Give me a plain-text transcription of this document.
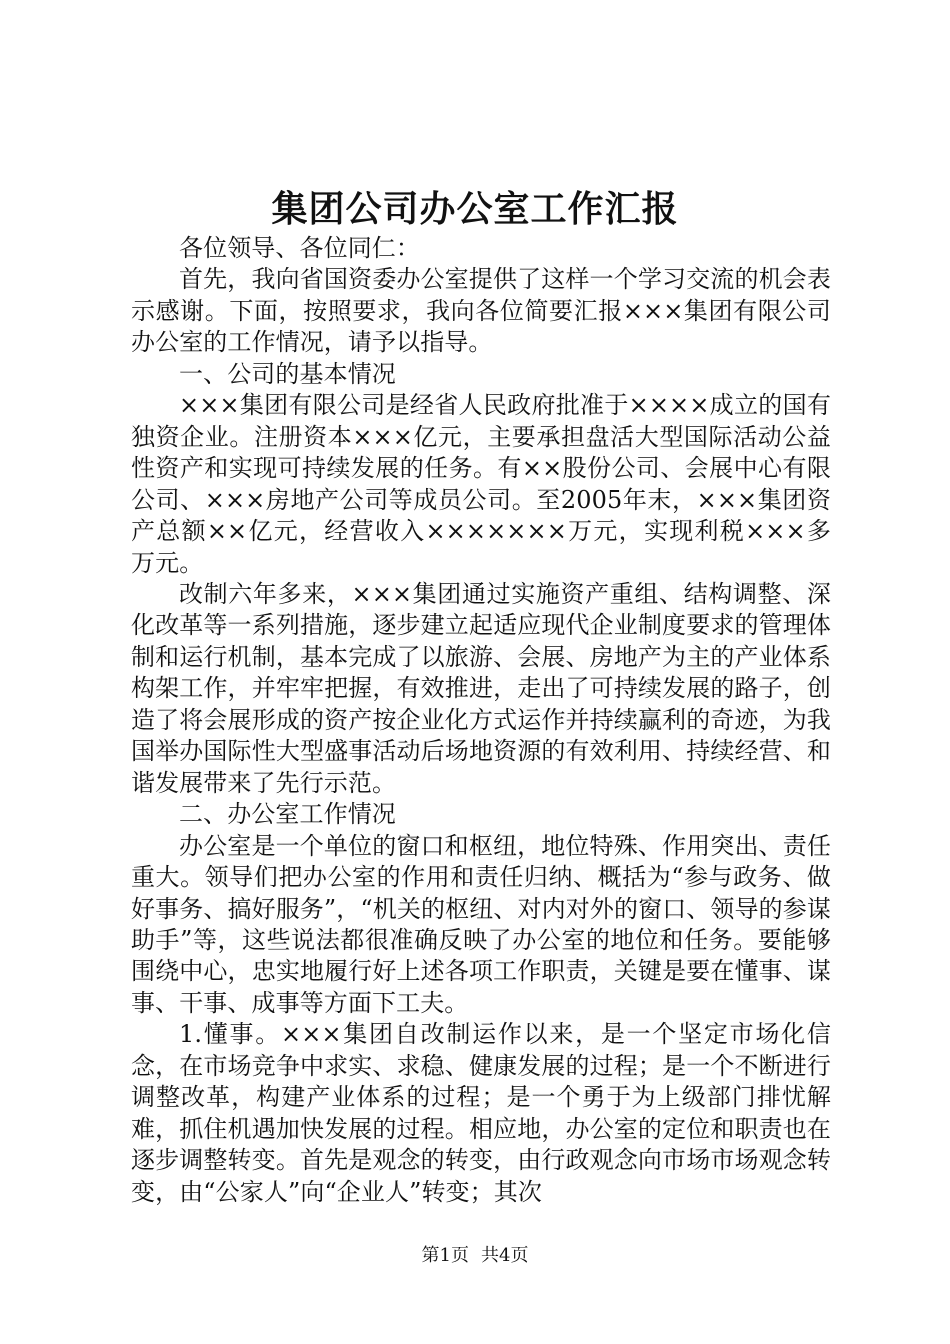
集团公司办公室工作汇报

各位领导、各位同仁：

首先，我向省国资委办公室提供了这样一个学习交流的机会表示感谢。下面，按照要求，我向各位简要汇报×××集团有限公司办公室的工作情况，请予以指导。

一、公司的基本情况

×××集团有限公司是经省人民政府批准于××××成立的国有独资企业。注册资本×××亿元，主要承担盘活大型国际活动公益性资产和实现可持续发展的任务。有××股份公司、会展中心有限公司、×××房地产公司等成员公司。至2005年末，×××集团资产总额××亿元，经营收入×××××××万元，实现利税×××多万元。

改制六年多来，×××集团通过实施资产重组、结构调整、深化改革等一系列措施，逐步建立起适应现代企业制度要求的管理体制和运行机制，基本完成了以旅游、会展、房地产为主的产业体系构架工作，并牢牢把握，有效推进，走出了可持续发展的路子，创造了将会展形成的资产按企业化方式运作并持续赢利的奇迹，为我国举办国际性大型盛事活动后场地资源的有效利用、持续经营、和谐发展带来了先行示范。

二、办公室工作情况

办公室是一个单位的窗口和枢纽，地位特殊、作用突出、责任重大。领导们把办公室的作用和责任归纳、概括为“参与政务、做好事务、搞好服务”，“机关的枢纽、对内对外的窗口、领导的参谋助手”等，这些说法都很准确反映了办公室的地位和任务。要能够围绕中心，忠实地履行好上述各项工作职责，关键是要在懂事、谋事、干事、成事等方面下工夫。

1.懂事。×××集团自改制运作以来，是一个坚定市场化信念，在市场竞争中求实、求稳、健康发展的过程；是一个不断进行调整改革，构建产业体系的过程；是一个勇于为上级部门排忧解难，抓住机遇加快发展的过程。相应地，办公室的定位和职责也在逐步调整转变。首先是观念的转变，由行政观念向市场市场观念转变，由“公家人”向“企业人”转变；其次

第1页 共4页
